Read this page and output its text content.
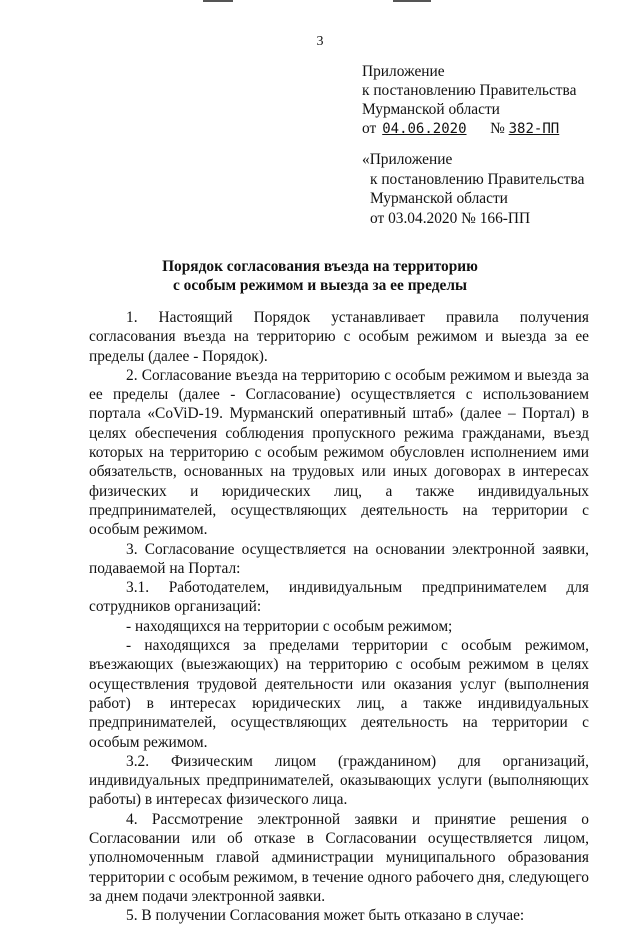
3
Приложение
к постановлению Правительства
Мурманской области
от 04.06.2020 № 382-ПП
«Приложение
к постановлению Правительства
Мурманской области
от 03.04.2020 № 166-ПП
Порядок согласования въезда на территорию
с особым режимом и выезда за ее пределы

1. Настоящий Порядок устанавливает правила получения согласования въезда на территорию с особым режимом и выезда за ее пределы (далее - Порядок).

2. Согласование въезда на территорию с особым режимом и выезда за ее пределы (далее - Согласование) осуществляется с использованием портала «CoViD-19. Мурманский оперативный штаб» (далее – Портал) в целях обеспечения соблюдения пропускного режима гражданами, въезд которых на территорию с особым режимом обусловлен исполнением ими обязательств, основанных на трудовых или иных договорах в интересах физических и юридических лиц, а также индивидуальных предпринимателей, осуществляющих деятельность на территории с особым режимом.

3. Согласование осуществляется на основании электронной заявки, подаваемой на Портал:

3.1. Работодателем, индивидуальным предпринимателем для сотрудников организаций:

- находящихся на территории с особым режимом;

- находящихся за пределами территории с особым режимом, въезжающих (выезжающих) на территорию с особым режимом в целях осуществления трудовой деятельности или оказания услуг (выполнения работ) в интересах юридических лиц, а также индивидуальных предпринимателей, осуществляющих деятельность на территории с особым режимом.

3.2. Физическим лицом (гражданином) для организаций, индивидуальных предпринимателей, оказывающих услуги (выполняющих работы) в интересах физического лица.

4. Рассмотрение электронной заявки и принятие решения о Согласовании или об отказе в Согласовании осуществляется лицом, уполномоченным главой администрации муниципального образования территории с особым режимом, в течение одного рабочего дня, следующего за днем подачи электронной заявки.

5. В получении Согласования может быть отказано в случае:
